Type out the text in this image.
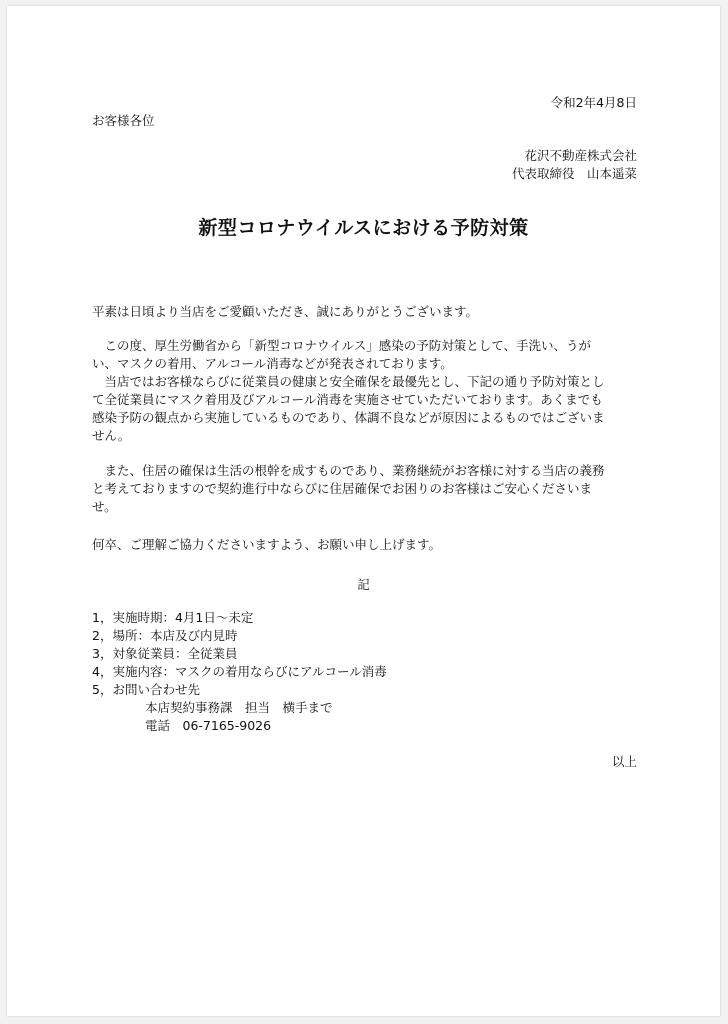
令和2年4月8日
お客様各位
花沢不動産株式会社
代表取締役　山本遥菜
新型コロナウイルスにおける予防対策
平素は日頃より当店をご愛顧いただき、誠にありがとうございます。
　この度、厚生労働省から「新型コロナウイルス」感染の予防対策として、手洗い、うが
い、マスクの着用、アルコール消毒などが発表されております。
　当店ではお客様ならびに従業員の健康と安全確保を最優先とし、下記の通り予防対策とし
て全従業員にマスク着用及びアルコール消毒を実施させていただいております。あくまでも
感染予防の観点から実施しているものであり、体調不良などが原因によるものではございま
せん。
　また、住居の確保は生活の根幹を成すものであり、業務継続がお客様に対する当店の義務
と考えておりますので契約進行中ならびに住居確保でお困りのお客様はご安心くださいま
せ。
何卒、ご理解ご協力くださいますよう、お願い申し上げます。
記
1，実施時期：4月1日～未定
2，場所：本店及び内見時
3，対象従業員：全従業員
4，実施内容：マスクの着用ならびにアルコール消毒
5，お問い合わせ先
本店契約事務課　担当　横手まで
電話　06-7165-9026
以上
